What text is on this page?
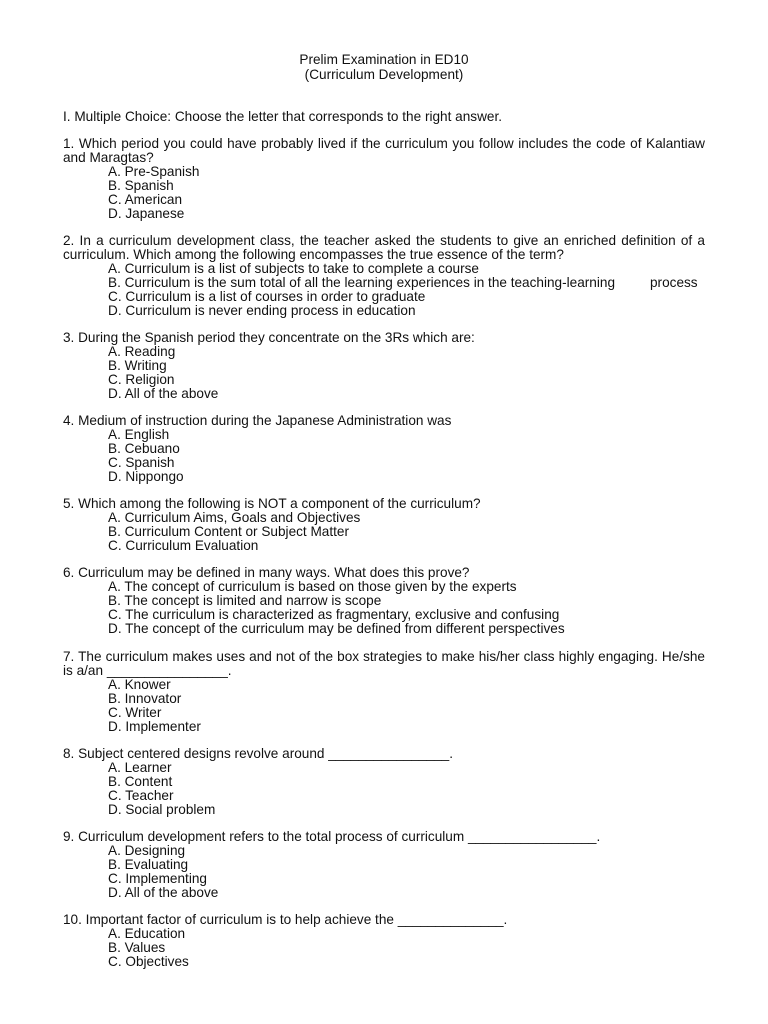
Prelim Examination in ED10
(Curriculum Development)
I. Multiple Choice: Choose the letter that corresponds to the right answer.
1. Which period you could have probably lived if the curriculum you follow includes the code of Kalantiaw and Maragtas?
A. Pre-Spanish
B. Spanish
C. American
D. Japanese
2. In a curriculum development class, the teacher asked the students to give an enriched definition of a curriculum. Which among the following encompasses the true essence of the term?
A. Curriculum is a list of subjects to take to complete a course
B. Curriculum is the sum total of all the learning experiences in the teaching-learning	process
C. Curriculum is a list of courses in order to graduate
D. Curriculum is never ending process in education
3. During the Spanish period they concentrate on the 3Rs which are:
A. Reading
B. Writing
C. Religion
D. All of the above
4. Medium of instruction during the Japanese Administration was
A. English
B. Cebuano
C. Spanish
D. Nippongo
5. Which among the following is NOT a component of the curriculum?
A. Curriculum Aims, Goals and Objectives
B. Curriculum Content or Subject Matter
C. Curriculum Evaluation
6. Curriculum may be defined in many ways. What does this prove?
A. The concept of curriculum is based on those given by the experts
B. The concept is limited and narrow is scope
C. The curriculum is characterized as fragmentary, exclusive and confusing
D. The concept of the curriculum may be defined from different perspectives
7. The curriculum makes uses and not of the box strategies to make his/her class highly engaging. He/she is a/an ________________.
A. Knower
B. Innovator
C. Writer
D. Implementer
8. Subject centered designs revolve around ________________.
A. Learner
B. Content
C. Teacher
D. Social problem
9. Curriculum development refers to the total process of curriculum _________________.
A. Designing
B. Evaluating
C. Implementing
D. All of the above
10. Important factor of curriculum is to help achieve the ______________.
A. Education
B. Values
C. Objectives
